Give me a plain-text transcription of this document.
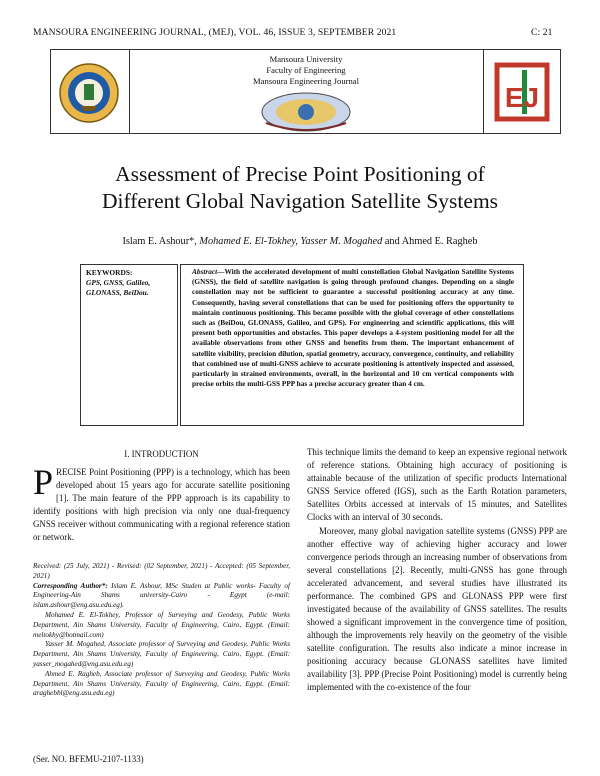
MANSOURA ENGINEERING JOURNAL, (MEJ), VOL. 46, ISSUE 3, SEPTEMBER 2021	C: 21
Mansoura University
Faculty of Engineering
Mansoura Engineering Journal
EJ
Assessment of Precise Point Positioning of
Different Global Navigation Satellite Systems
Islam E. Ashour*, Mohamed E. El-Tokhey, Yasser M. Mogahed and Ahmed E. Ragheb
KEYWORDS:
GPS, GNSS, Galileo, GLONASS, BeiDou.
Abstract—With the accelerated development of multi constellation Global Navigation Satellite Systems (GNSS), the field of satellite navigation is going through profound changes. Depending on a single constellation may not be sufficient to guarantee a successful positioning accuracy at any time. Consequently, having several constellations that can be used for positioning offers the opportunity to maintain continuous positioning. This became possible with the global coverage of other constellations such as (BeiDou, GLONASS, Galileo, and GPS). For engineering and scientific applications, this will present both opportunities and obstacles. This paper develops a 4-system positioning model for all the available observations from other GNSS and benefits from them. The important enhancement of satellite visibility, precision dilution, spatial geometry, accuracy, convergence, continuity, and reliability that combined use of multi-GNSS achieve to accurate positioning is attentively inspected and assessed, particularly in strained environments, overall, in the horizontal and 10 cm vertical components with precise orbits the multi-GSS PPP has a precise accuracy greater than 4 cm.
I. INTRODUCTION
PRECISE Point Positioning (PPP) is a technology, which has been developed about 15 years ago for accurate satellite positioning [1]. The main feature of the PPP approach is its capability to identify positions with high precision via only one dual-frequency GNSS receiver without communicating with a regional reference station or network.

Received: (25 July, 2021) - Revised: (02 September, 2021) - Accepted: (05 September, 2021)

Corresponding Author*: Islam E. Ashour, MSc Studen at Public works- Faculty of Engineering-Ain Shams university-Cairo - Egypt (e-mail: islam.ashour@eng.asu.edu.eg).

Mohamed E. El-Tokhey, Professor of Surveying and Geodesy, Public Works Department, Ain Shams University, Faculty of Engineering, Cairo, Egypt. (Email: meltokhy@hotmail.com)

Yasser M. Mogahed, Associate professor of Surveying and Geodesy, Public Works Department, Ain Shams University, Faculty of Engineering, Cairo, Egypt. (Email: yasser_mogahed@eng.asu.edu.eg)

Ahmed E. Ragheb, Associate professor of Surveying and Geodesy, Public Works Department, Ain Shams University, Faculty of Engineering, Cairo, Egypt. (Email: araghebbl@eng.asu.edu.eg)

This technique limits the demand to keep an expensive regional network of reference stations. Obtaining high accuracy of positioning is attainable because of the utilization of specific products International GNSS Service offered (IGS), such as the Earth Rotation parameters, Satellites Orbits accessed at intervals of 15 minutes, and Satellites Clocks with an interval of 30 seconds.

Moreover, many global navigation satellite systems (GNSS) PPP are another effective way of achieving higher accuracy and lower convergence periods through an increasing number of observations from several constellations [2]. Recently, multi-GNSS has gone through accelerated advancement, and several studies have illustrated its performance. The combined GPS and GLONASS PPP were first investigated because of the availability of GNSS satellites. The results showed a significant improvement in the convergence time of position, although the improvements rely heavily on the geometry of the visible satellite configuration. The results also indicate a minor increase in positioning accuracy because GLONASS satellites have limited availability [3]. PPP (Precise Point Positioning) model is currently being implemented with the co-existence of the four

(Ser. NO. BFEMU-2107-1133)
